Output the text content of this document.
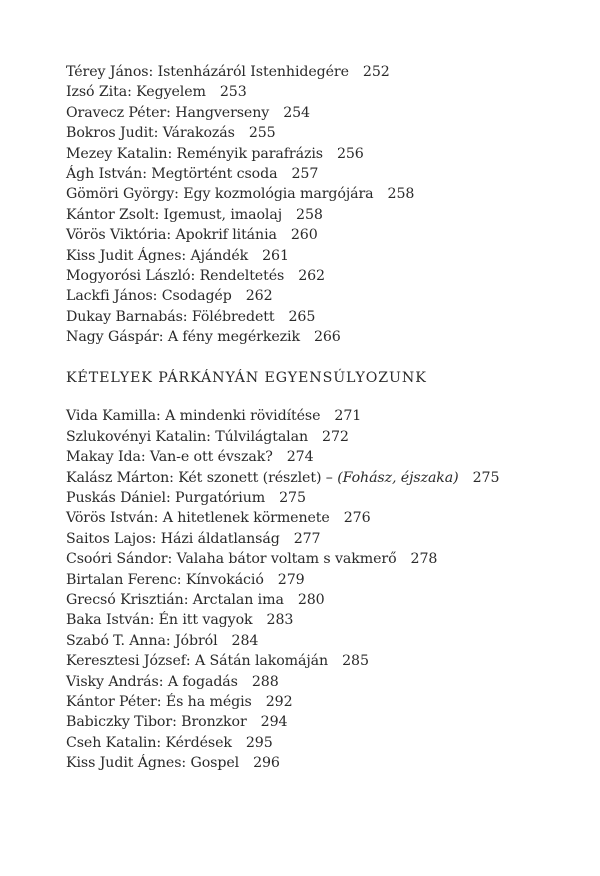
Térey János: Istenházáról Istenhidegére 252
Izsó Zita: Kegyelem 253
Oravecz Péter: Hangverseny 254
Bokros Judit: Várakozás 255
Mezey Katalin: Reményik parafrázis 256
Ágh István: Megtörtént csoda 257
Gömöri György: Egy kozmológia margójára 258
Kántor Zsolt: Igemust, imaolaj 258
Vörös Viktória: Apokrif litánia 260
Kiss Judit Ágnes: Ajándék 261
Mogyorósi László: Rendeltetés 262
Lackfi János: Csodagép 262
Dukay Barnabás: Fölébredett 265
Nagy Gáspár: A fény megérkezik 266
KÉTELYEK PÁRKÁNYÁN EGYENSÚLYOZUNK
Vida Kamilla: A mindenki rövidítése 271
Szlukovényi Katalin: Túlvilágtalan 272
Makay Ida: Van-e ott évszak? 274
Kalász Márton: Két szonett (részlet) – (Fohász, éjszaka) 275
Puskás Dániel: Purgatórium 275
Vörös István: A hitetlenek körmenete 276
Saitos Lajos: Házi áldatlanság 277
Csoóri Sándor: Valaha bátor voltam s vakmerő 278
Birtalan Ferenc: Kínvokáció 279
Grecsó Krisztián: Arctalan ima 280
Baka István: Én itt vagyok 283
Szabó T. Anna: Jóbról 284
Keresztesi József: A Sátán lakomáján 285
Visky András: A fogadás 288
Kántor Péter: És ha mégis 292
Babiczky Tibor: Bronzkor 294
Cseh Katalin: Kérdések 295
Kiss Judit Ágnes: Gospel 296
